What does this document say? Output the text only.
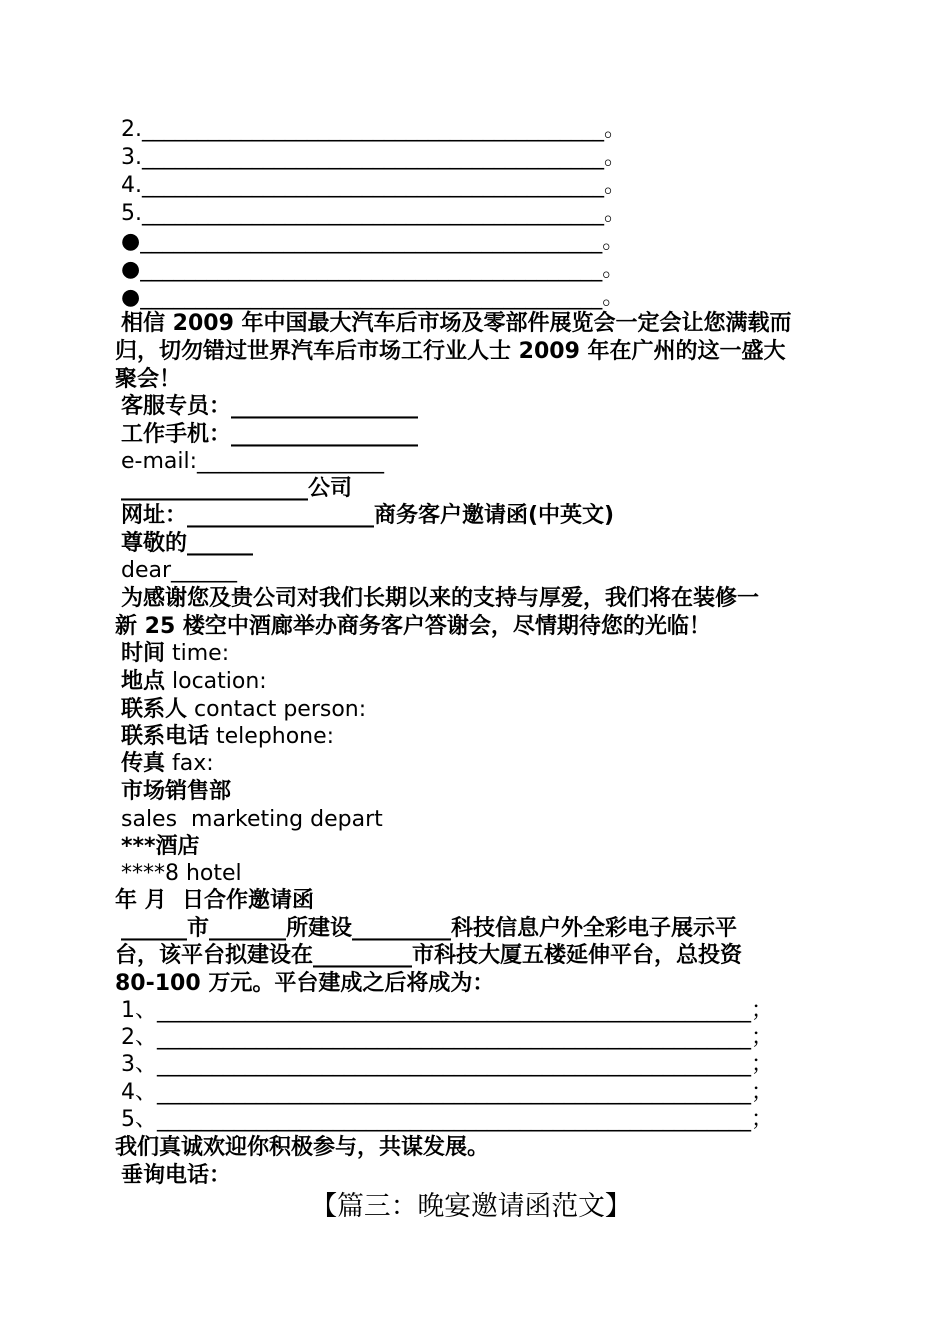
2.__________________________________________。
3.__________________________________________。
4.__________________________________________。
5.__________________________________________。
●__________________________________________。
●__________________________________________。
●__________________________________________。
相信 2009 年中国最大汽车后市场及零部件展览会一定会让您满载而
归，切勿错过世界汽车后市场工行业人士 2009 年在广州的这一盛大
聚会！
客服专员：_________________
工作手机：_________________
e-mail:_________________
_________________公司
网址：_________________商务客户邀请函(中英文)
尊敬的______
dear______
为感谢您及贵公司对我们长期以来的支持与厚爱，我们将在装修一
新 25 楼空中酒廊举办商务客户答谢会，尽情期待您的光临！
时间 time:
地点 location:
联系人 contact person:
联系电话 telephone:
传真 fax:
市场销售部
sales  marketing depart
***酒店
****8 hotel
年 月  日合作邀请函
______市_______所建设_________科技信息户外全彩电子展示平
台，该平台拟建设在_________市科技大厦五楼延伸平台，总投资
80-100 万元。平台建成之后将成为：
1、______________________________________________________；
2、______________________________________________________；
3、______________________________________________________；
4、______________________________________________________；
5、______________________________________________________；
我们真诚欢迎你积极参与，共谋发展。
垂询电话：
【篇三：晚宴邀请函范文】
